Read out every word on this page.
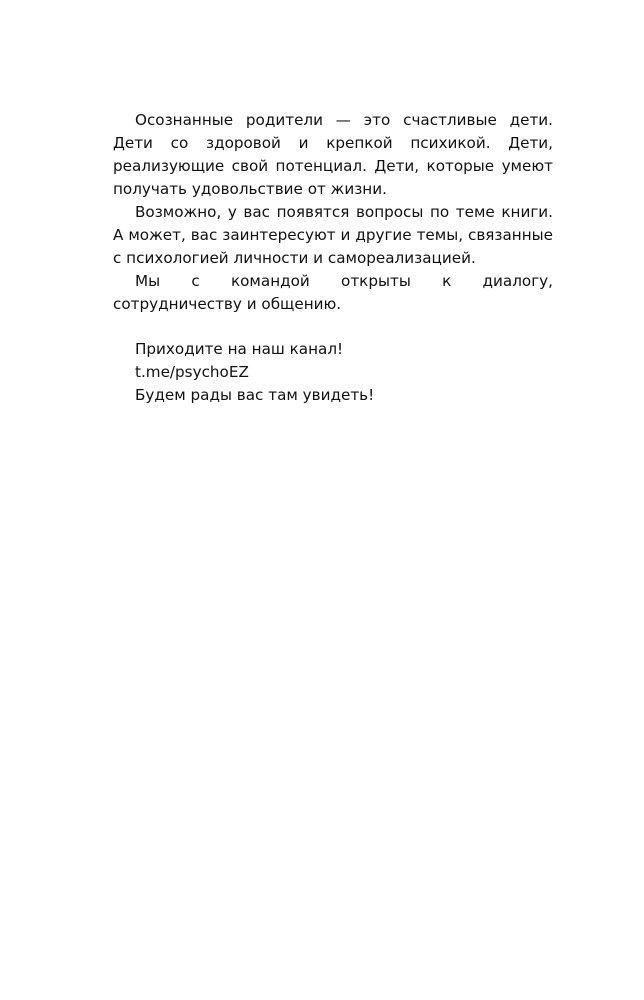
Осознанные родители — это счастливые дети. Дети со здоровой и крепкой психикой. Дети, реализующие свой потенциал. Дети, которые умеют получать удовольствие от жизни.

Возможно, у вас появятся вопросы по теме книги. А может, вас заинтересуют и другие темы, связанные с психологией личности и самореализацией.

Мы с командой открыты к диалогу, сотрудничеству и общению.

Приходите на наш канал!

t.me/psychoEZ

Будем рады вас там увидеть!
